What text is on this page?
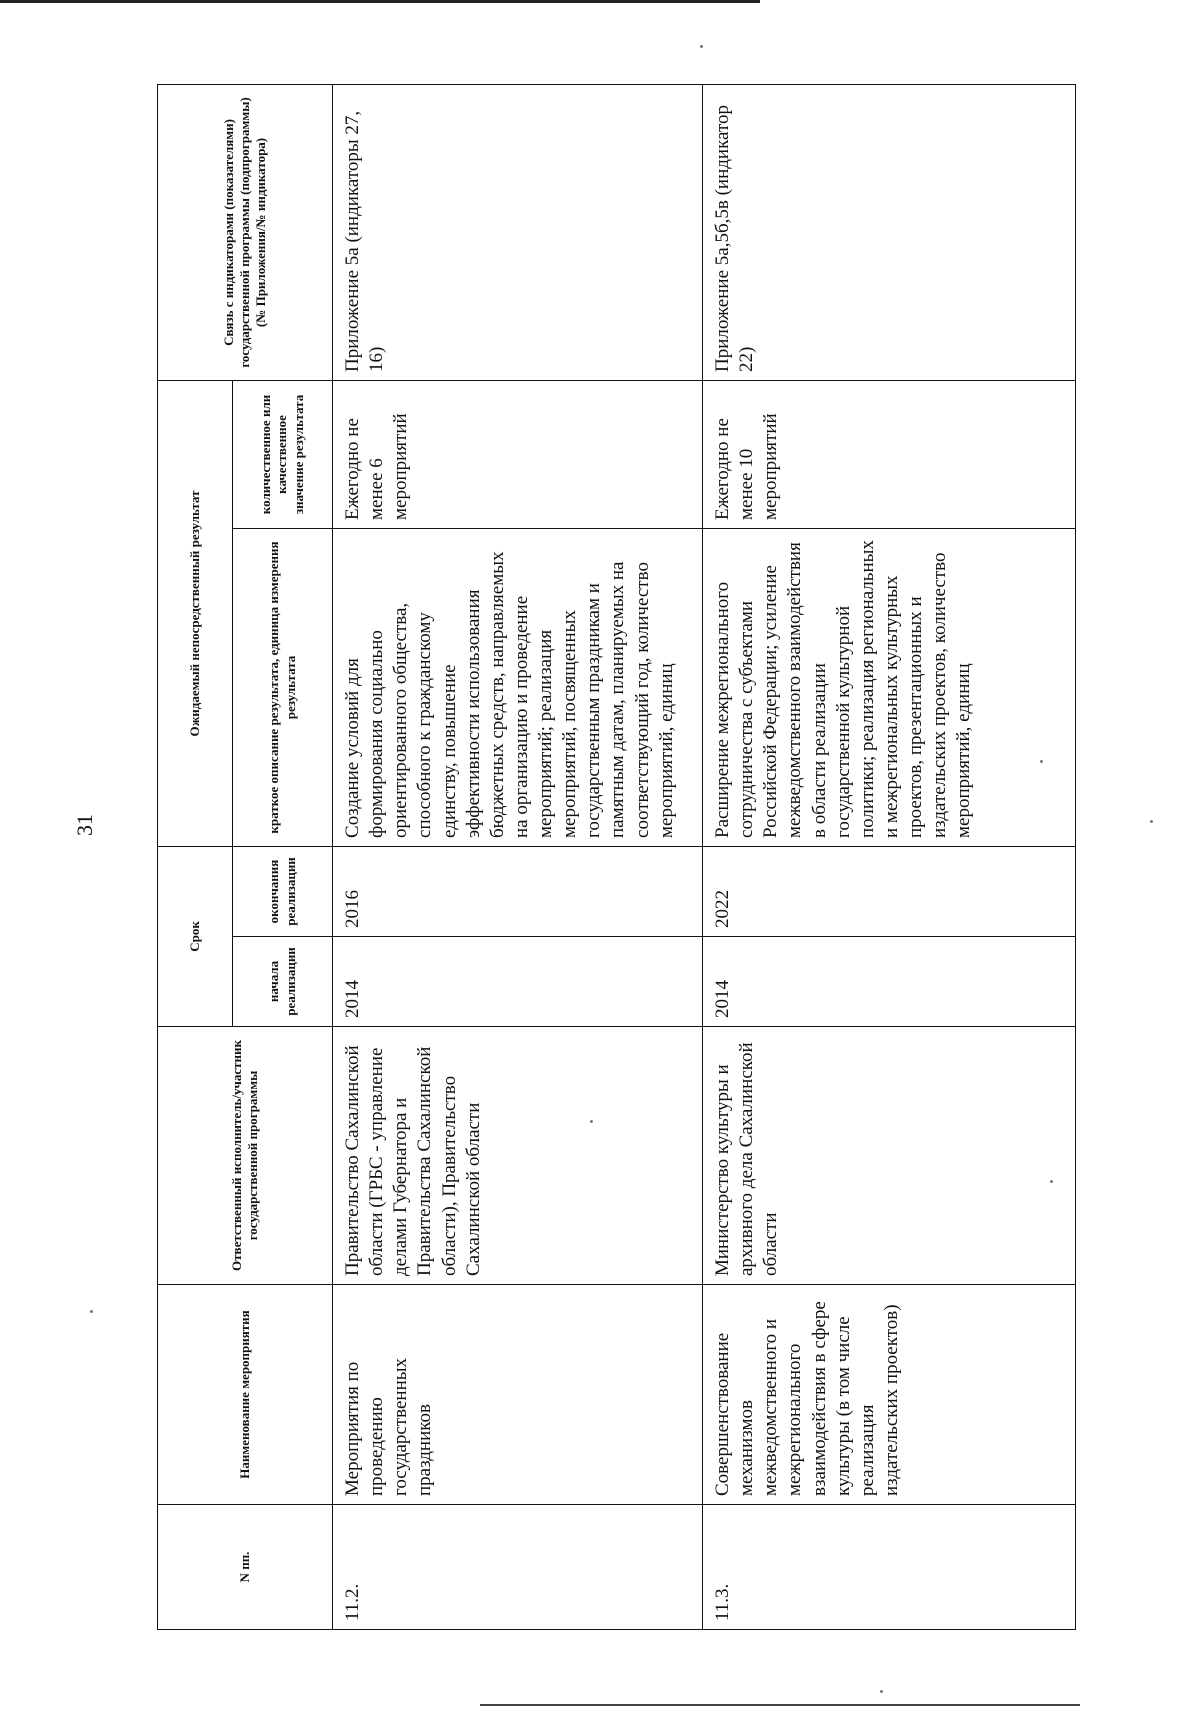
31
N пп.	Наименование мероприятия	Ответственный исполнитель/участник государственной программы	Срок		Ожидаемый непосредственный результат		Связь с индикаторами (показателями) государственной программы (подпрограммы) (№ Приложения/№ индикатора)
			начала реализации	окончания реализации	краткое описание результата, единица измерения результата	количественное или качественное значение результата	
11.2.	Мероприятия по проведению государственных праздников	Правительство Сахалинской области (ГРБС - управление делами Губернатора и Правительства Сахалинской области), Правительство Сахалинской области	2014	2016	Создание условий для формирования социально ориентированного общества, способного к гражданскому единству, повышение эффективности использования бюджетных средств, направляемых на организацию и проведение мероприятий; реализация мероприятий, посвященных государственным праздникам и памятным датам, планируемых на соответствующий год, количество мероприятий, единиц	Ежегодно не менее 6 мероприятий	Приложение 5а (индикаторы 27, 16)
11.3.	Совершенствование механизмов межведомственного и межрегионального взаимодействия в сфере культуры (в том числе реализация издательских проектов)	Министерство культуры и архивного дела Сахалинской области	2014	2022	Расширение межрегионального сотрудничества с субъектами Российской Федерации; усиление межведомственного взаимодействия в области реализации государственной культурной политики; реализация региональных и межрегиональных культурных проектов, презентационных и издательских проектов, количество мероприятий, единиц	Ежегодно не менее 10 мероприятий	Приложение 5а,5б,5в (индикатор 22)
